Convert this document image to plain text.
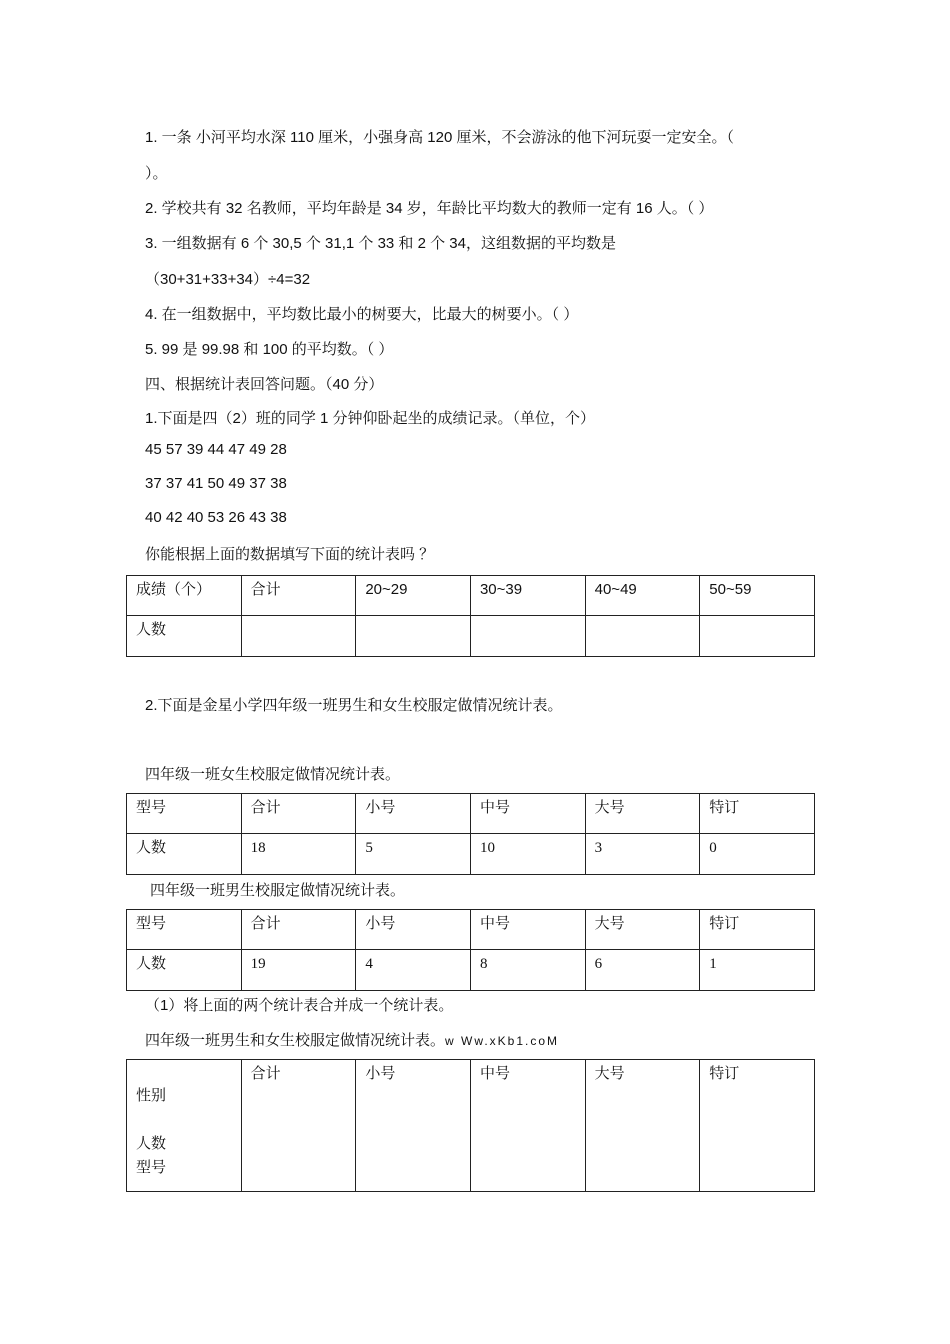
1. 一条 小河平均水深 110 厘米，小强身高 120 厘米，不会游泳的他下河玩耍一定安全。（
）。
2. 学校共有 32 名教师，平均年龄是 34 岁，年龄比平均数大的教师一定有 16 人。（ ）
3. 一组数据有 6 个 30,5 个 31,1 个 33 和 2 个 34，这组数据的平均数是
（30+31+33+34）÷4=32
4. 在一组数据中，平均数比最小的树要大，比最大的树要小。（ ）
5. 99 是 99.98 和 100 的平均数。（ ）
四、根据统计表回答问题。（40 分）
1.下面是四（2）班的同学 1 分钟仰卧起坐的成绩记录。（单位，个）
45 57 39 44 47 49 28
37 37 41 50 49 37 38
40 42 40 53 26 43 38
你能根据上面的数据填写下面的统计表吗 ？
成绩（个）	合计	20~29	30~39	40~49	50~59
人数					
2.下面是金星小学四年级一班男生和女生校服定做情况统计表。
四年级一班女生校服定做情况统计表。
型号	合计	小号	中号	大号	特订
人数	18	5	10	3	0
四年级一班男生校服定做情况统计表。
型号	合计	小号	中号	大号	特订
人数	19	4	8	6	1
（1）将上面的两个统计表合并成一个统计表。
四年级一班男生和女生校服定做情况统计表。w Ww.xKb1.coM
性别
人数
型号
	合计	小号	中号	大号	特订
